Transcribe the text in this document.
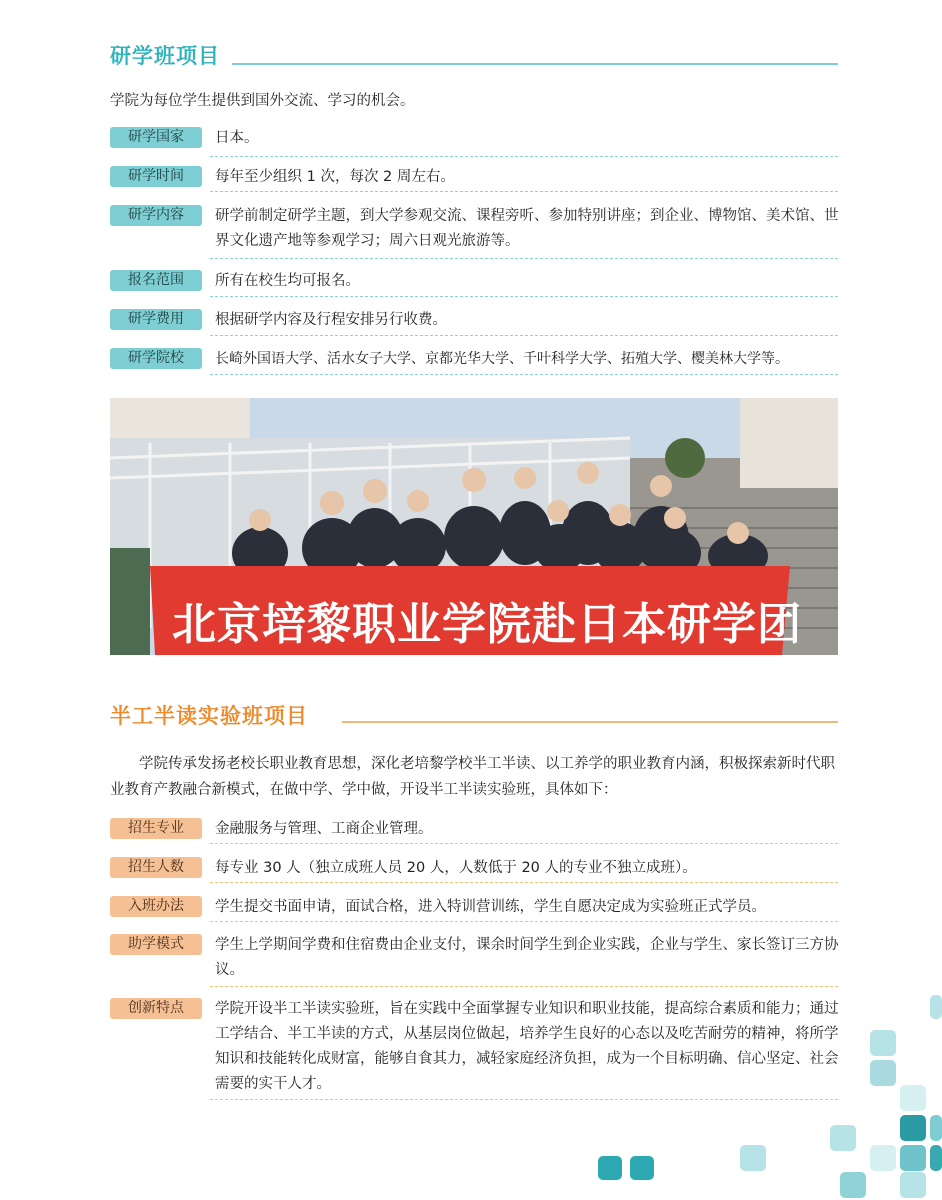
研学班项目
学院为每位学生提供到国外交流、学习的机会。
研学国家	日本。
研学时间	每年至少组织 1 次，每次 2 周左右。
研学内容	研学前制定研学主题，到大学参观交流、课程旁听、参加特别讲座；到企业、博物馆、美术馆、世界文化遗产地等参观学习；周六日观光旅游等。
报名范围	所有在校生均可报名。
研学费用	根据研学内容及行程安排另行收费。
研学院校	长崎外国语大学、活水女子大学、京都光华大学、千叶科学大学、拓殖大学、樱美林大学等。
北京培黎职业学院赴日本研学团
半工半读实验班项目
学院传承发扬老校长职业教育思想，深化老培黎学校半工半读、以工养学的职业教育内涵，积极探索新时代职业教育产教融合新模式，在做中学、学中做，开设半工半读实验班，具体如下：
招生专业	金融服务与管理、工商企业管理。
招生人数	每专业 30 人（独立成班人员 20 人，人数低于 20 人的专业不独立成班）。
入班办法	学生提交书面申请，面试合格，进入特训营训练，学生自愿决定成为实验班正式学员。
助学模式	学生上学期间学费和住宿费由企业支付，课余时间学生到企业实践，企业与学生、家长签订三方协议。
创新特点	学院开设半工半读实验班，旨在实践中全面掌握专业知识和职业技能，提高综合素质和能力；通过工学结合、半工半读的方式，从基层岗位做起，培养学生良好的心态以及吃苦耐劳的精神，将所学知识和技能转化成财富，能够自食其力，减轻家庭经济负担，成为一个目标明确、信心坚定、社会需要的实干人才。
